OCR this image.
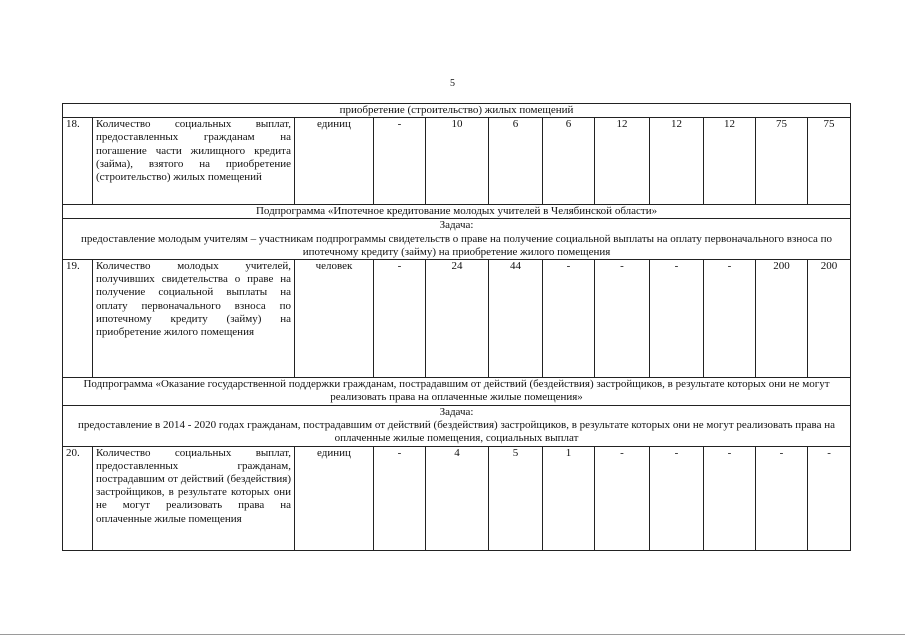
5
приобретение (строительство) жилых помещений											
18.	Количество социальных выплат, предоставленных гражданам на погашение части жилищного кредита (займа), взятого на приобретение (строительство) жилых помещений	единиц	-	10	6	6	12	12	12	75	75
Подпрограмма «Ипотечное кредитование молодых учителей в Челябинской области»											

Задача:
предоставление молодым учителям – участникам подпрограммы свидетельств о праве на получение социальной выплаты на оплату первоначального взноса по ипотечному кредиту (займу) на приобретение жилого помещения											

19.	Количество молодых учителей, получивших свидетельства о праве на получение социальной выплаты на оплату первоначального взноса по ипотечному кредиту (займу) на приобретение жилого помещения	человек	-	24	44	-	-	-	-	200	200
Подпрограмма «Оказание государственной поддержки гражданам, пострадавшим от действий (бездействия) застройщиков, в результате которых они не могут реализовать права на оплаченные жилые помещения»											

Задача:
предоставление в 2014 - 2020 годах гражданам, пострадавшим от действий (бездействия) застройщиков, в результате которых они не могут реализовать права на оплаченные жилые помещения, социальных выплат											

20.	Количество социальных выплат, предоставленных гражданам, пострадавшим от действий (бездействия) застройщиков, в результате которых они не могут реализовать права на оплаченные жилые помещения	единиц	-	4	5	1	-	-	-	-	-
